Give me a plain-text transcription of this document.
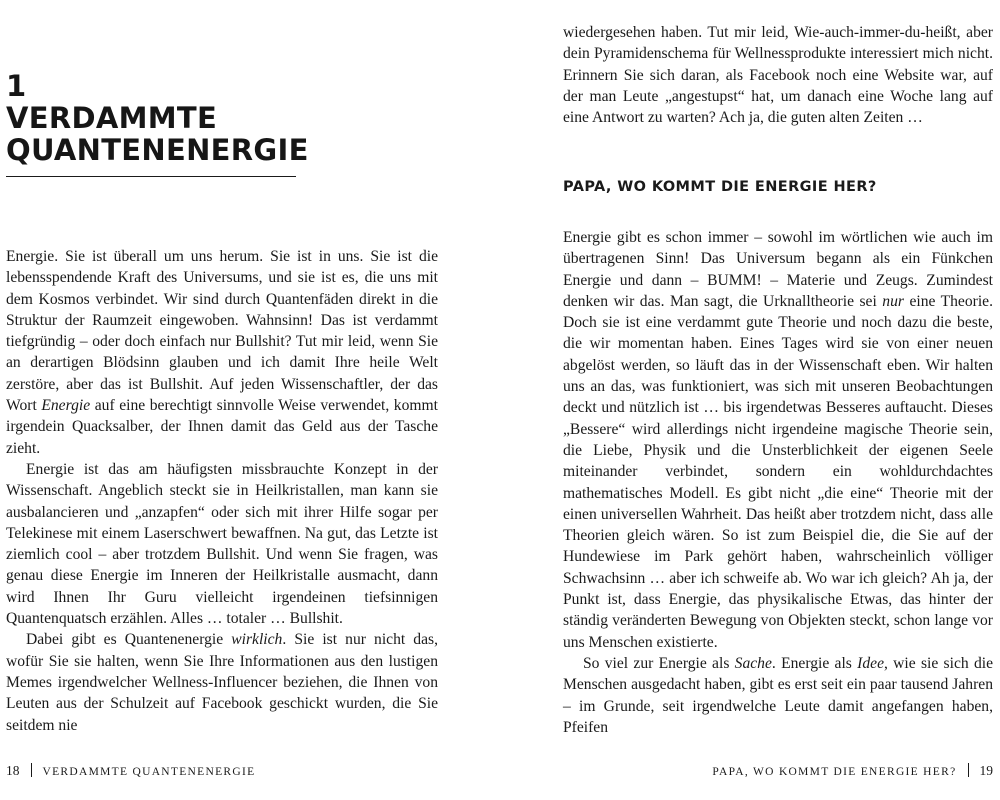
1
VERDAMMTE
QUANTENENERGIE

Energie. Sie ist überall um uns herum. Sie ist in uns. Sie ist die lebensspendende Kraft des Universums, und sie ist es, die uns mit dem Kosmos verbindet. Wir sind durch Quantenfäden direkt in die Struktur der Raumzeit eingewoben. Wahnsinn! Das ist verdammt tiefgründig – oder doch einfach nur Bullshit? Tut mir leid, wenn Sie an derartigen Blödsinn glauben und ich damit Ihre heile Welt zerstöre, aber das ist Bullshit. Auf jeden Wissenschaftler, der das Wort Energie auf eine berechtigt sinnvolle Weise verwendet, kommt irgendein Quacksalber, der Ihnen damit das Geld aus der Tasche zieht.

Energie ist das am häufigsten missbrauchte Konzept in der Wissenschaft. Angeblich steckt sie in Heilkristallen, man kann sie ausbalancieren und „anzapfen“ oder sich mit ihrer Hilfe sogar per Telekinese mit einem Laserschwert bewaffnen. Na gut, das Letzte ist ziemlich cool – aber trotzdem Bullshit. Und wenn Sie fragen, was genau diese Energie im Inneren der Heilkristalle ausmacht, dann wird Ihnen Ihr Guru vielleicht irgendeinen tiefsinnigen Quantenquatsch erzählen. Alles … totaler … Bullshit.

Dabei gibt es Quantenenergie wirklich. Sie ist nur nicht das, wofür Sie sie halten, wenn Sie Ihre Informationen aus den lustigen Memes irgendwelcher Wellness-Influencer beziehen, die Ihnen von Leuten aus der Schulzeit auf Facebook geschickt wurden, die Sie seitdem nie

18 VERDAMMTE QUANTENENERGIE

wiedergesehen haben. Tut mir leid, Wie-auch-immer-du-heißt, aber dein Pyramidenschema für Wellnessprodukte interessiert mich nicht. Erinnern Sie sich daran, als Facebook noch eine Website war, auf der man Leute „angestupst“ hat, um danach eine Woche lang auf eine Antwort zu warten? Ach ja, die guten alten Zeiten …

PAPA, WO KOMMT DIE ENERGIE HER?

Energie gibt es schon immer – sowohl im wörtlichen wie auch im übertragenen Sinn! Das Universum begann als ein Fünkchen Energie und dann – BUMM! – Materie und Zeugs. Zumindest denken wir das. Man sagt, die Urknalltheorie sei nur eine Theorie. Doch sie ist eine verdammt gute Theorie und noch dazu die beste, die wir momentan haben. Eines Tages wird sie von einer neuen abgelöst werden, so läuft das in der Wissenschaft eben. Wir halten uns an das, was funktioniert, was sich mit unseren Beobachtungen deckt und nützlich ist … bis irgendetwas Besseres auftaucht. Dieses „Bessere“ wird allerdings nicht irgendeine magische Theorie sein, die Liebe, Physik und die Unsterblichkeit der eigenen Seele miteinander verbindet, sondern ein wohldurchdachtes mathematisches Modell. Es gibt nicht „die eine“ Theorie mit der einen universellen Wahrheit. Das heißt aber trotzdem nicht, dass alle Theorien gleich wären. So ist zum Beispiel die, die Sie auf der Hundewiese im Park gehört haben, wahrscheinlich völliger Schwachsinn … aber ich schweife ab. Wo war ich gleich? Ah ja, der Punkt ist, dass Energie, das physikalische Etwas, das hinter der ständig veränderten Bewegung von Objekten steckt, schon lange vor uns Menschen existierte.

So viel zur Energie als Sache. Energie als Idee, wie sie sich die Menschen ausgedacht haben, gibt es erst seit ein paar tausend Jahren – im Grunde, seit irgendwelche Leute damit angefangen haben, Pfeifen

PAPA, WO KOMMT DIE ENERGIE HER? 19
